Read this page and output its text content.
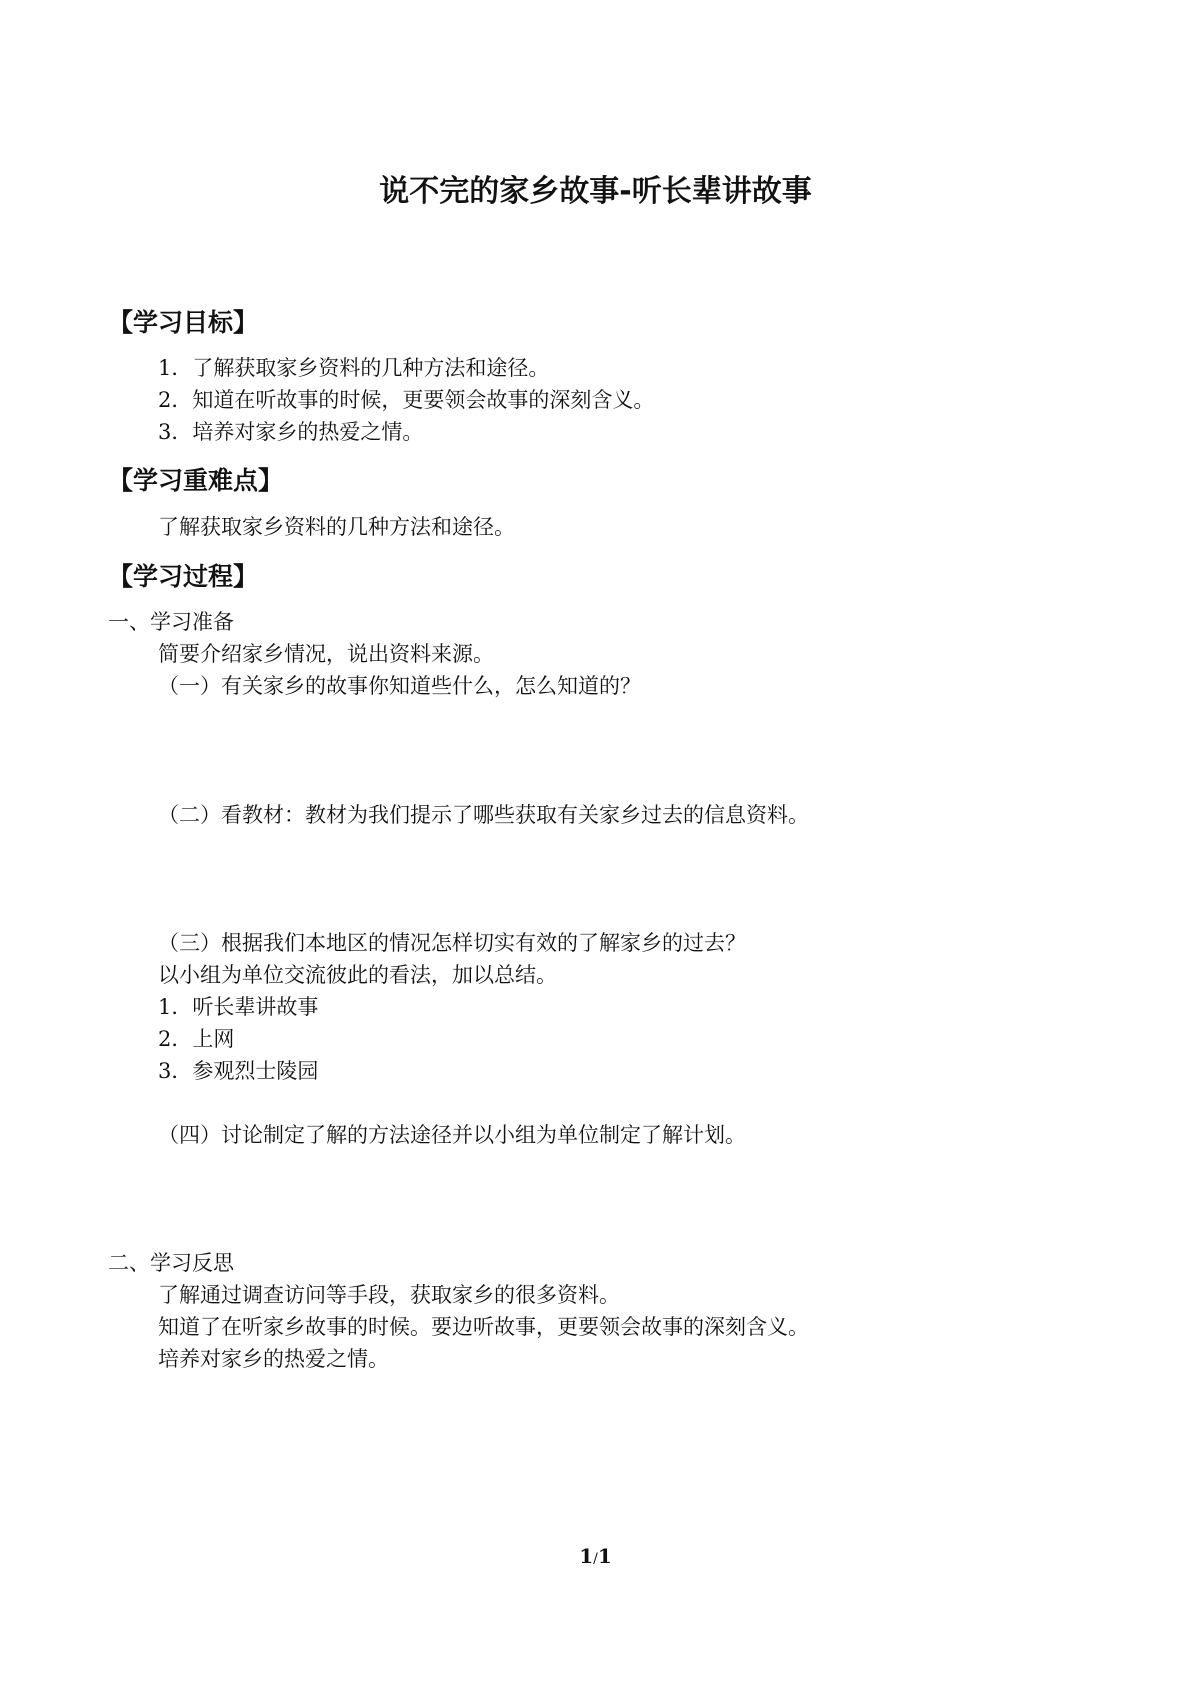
说不完的家乡故事-听长辈讲故事
【学习目标】
1．了解获取家乡资料的几种方法和途径。
2．知道在听故事的时候，更要领会故事的深刻含义。
3．培养对家乡的热爱之情。
【学习重难点】
了解获取家乡资料的几种方法和途径。
【学习过程】
一、学习准备
简要介绍家乡情况，说出资料来源。
（一）有关家乡的故事你知道些什么，怎么知道的？
（二）看教材：教材为我们提示了哪些获取有关家乡过去的信息资料。
（三）根据我们本地区的情况怎样切实有效的了解家乡的过去？
以小组为单位交流彼此的看法，加以总结。
1．听长辈讲故事
2．上网
3．参观烈士陵园
（四）讨论制定了解的方法途径并以小组为单位制定了解计划。
二、学习反思
了解通过调查访问等手段，获取家乡的很多资料。
知道了在听家乡故事的时候。要边听故事，更要领会故事的深刻含义。
培养对家乡的热爱之情。
1/1
